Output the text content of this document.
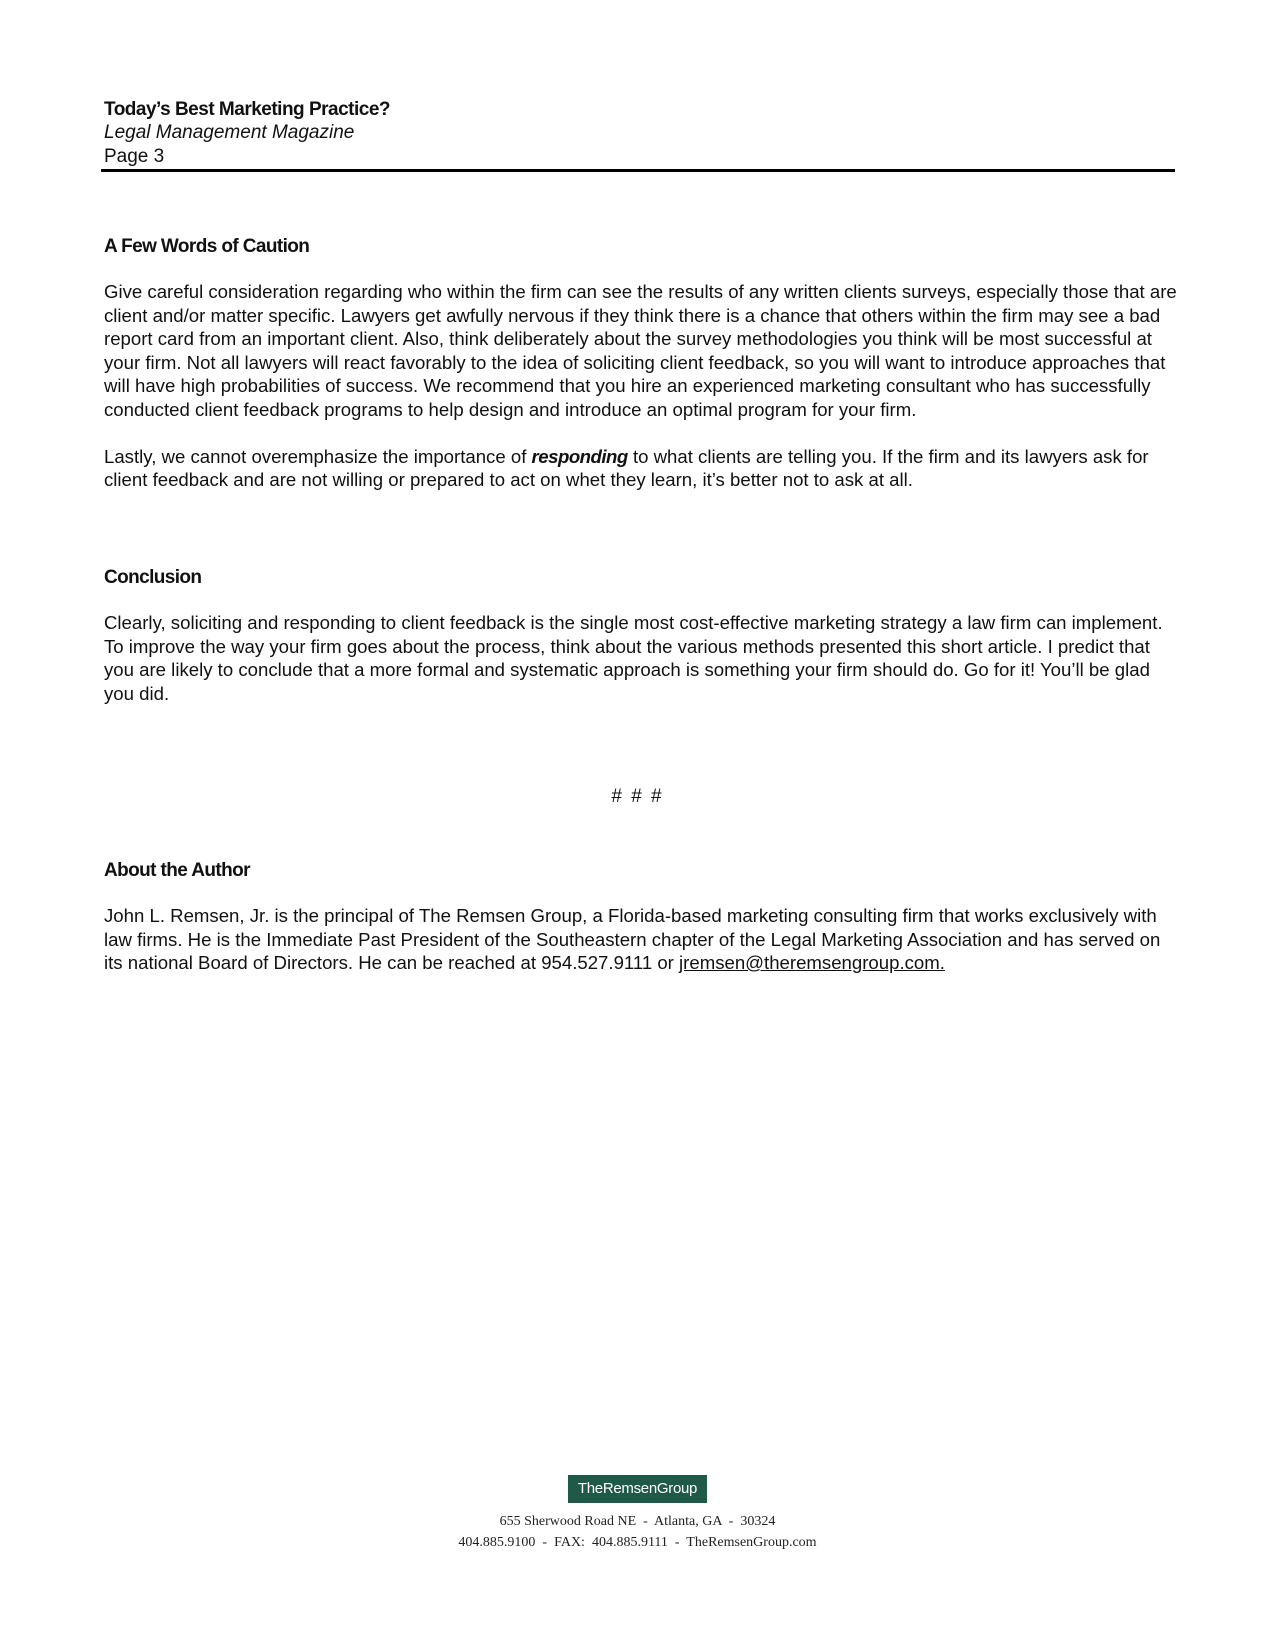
Today’s Best Marketing Practice?
Legal Management Magazine
Page 3
A Few Words of Caution

Give careful consideration regarding who within the firm can see the results of any written clients surveys, especially those that are client and/or matter specific. Lawyers get awfully nervous if they think there is a chance that others within the firm may see a bad report card from an important client. Also, think deliberately about the survey methodologies you think will be most successful at your firm. Not all lawyers will react favorably to the idea of soliciting client feedback, so you will want to introduce approaches that will have high probabilities of success. We recommend that you hire an experienced marketing consultant who has successfully conducted client feedback programs to help design and introduce an optimal program for your firm.

Lastly, we cannot overemphasize the importance of responding to what clients are telling you. If the firm and its lawyers ask for client feedback and are not willing or prepared to act on whet they learn, it’s better not to ask at all.

Conclusion

Clearly, soliciting and responding to client feedback is the single most cost-effective marketing strategy a law firm can implement. To improve the way your firm goes about the process, think about the various methods presented this short article. I predict that you are likely to conclude that a more formal and systematic approach is something your firm should do. Go for it! You’ll be glad you did.

# # #
About the Author

John L. Remsen, Jr. is the principal of The Remsen Group, a Florida-based marketing consulting firm that works exclusively with law firms. He is the Immediate Past President of the Southeastern chapter of the Legal Marketing Association and has served on its national Board of Directors. He can be reached at 954.527.9111 or jremsen@theremsengroup.com.

TheRemsenGroup
655 Sherwood Road NE  -  Atlanta, GA  -  30324
404.885.9100  -  FAX:  404.885.9111  -  TheRemsenGroup.com
